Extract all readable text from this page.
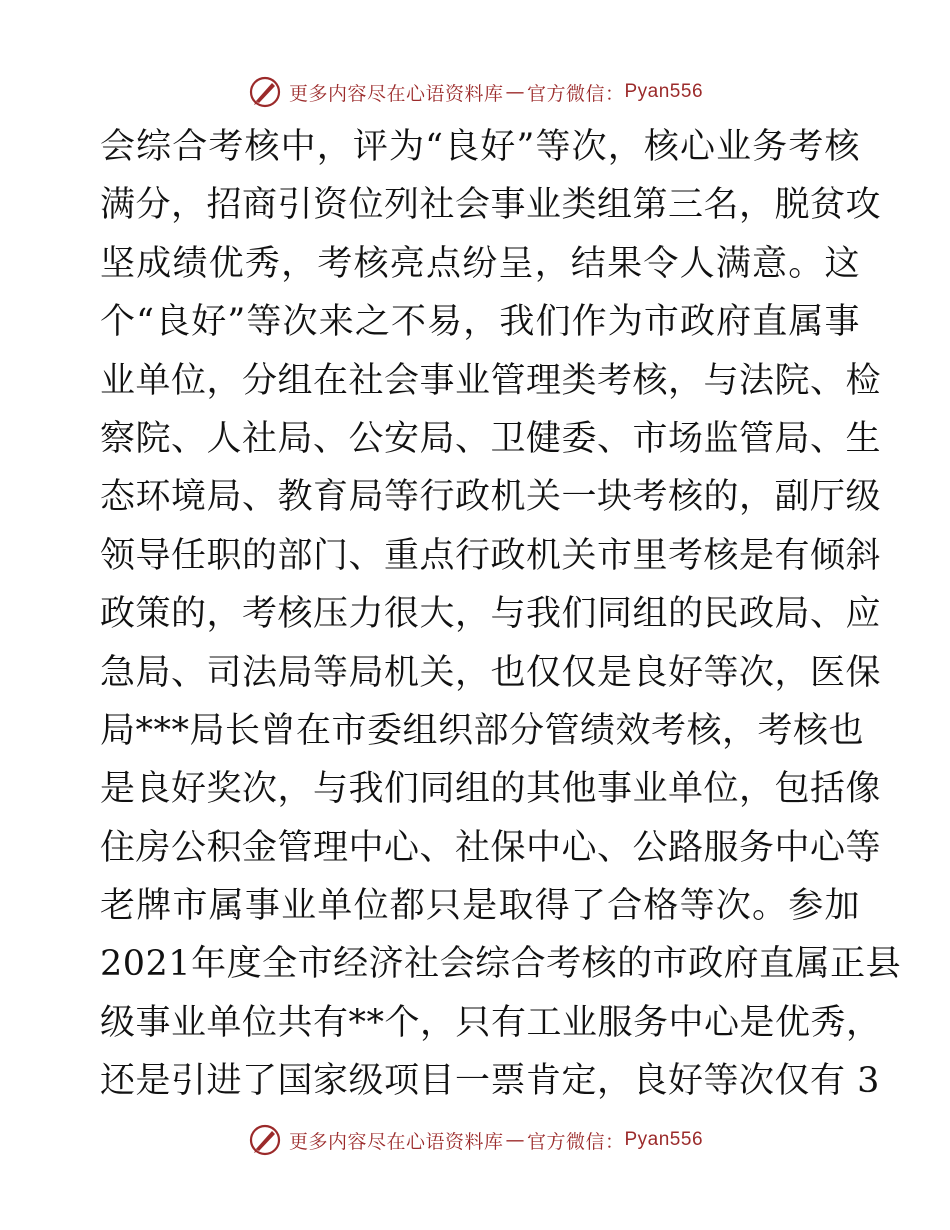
更多内容尽在心语资料库 — 官方微信： Pyan556
会综合考核中，评为“良好”等次，核心业务考核
满分，招商引资位列社会事业类组第三名，脱贫攻
坚成绩优秀，考核亮点纷呈，结果令人满意。这
个“良好”等次来之不易，我们作为市政府直属事
业单位，分组在社会事业管理类考核，与法院、检
察院、人社局、公安局、卫健委、市场监管局、生
态环境局、教育局等行政机关一块考核的，副厅级
领导任职的部门、重点行政机关市里考核是有倾斜
政策的，考核压力很大，与我们同组的民政局、应
急局、司法局等局机关，也仅仅是良好等次，医保
局***局长曾在市委组织部分管绩效考核，考核也
是良好奖次，与我们同组的其他事业单位，包括像
住房公积金管理中心、社保中心、公路服务中心等
老牌市属事业单位都只是取得了合格等次。参加
2021年度全市经济社会综合考核的市政府直属正县
级事业单位共有**个，只有工业服务中心是优秀，
还是引进了国家级项目一票肯定，良好等次仅有 3
更多内容尽在心语资料库 — 官方微信： Pyan556
